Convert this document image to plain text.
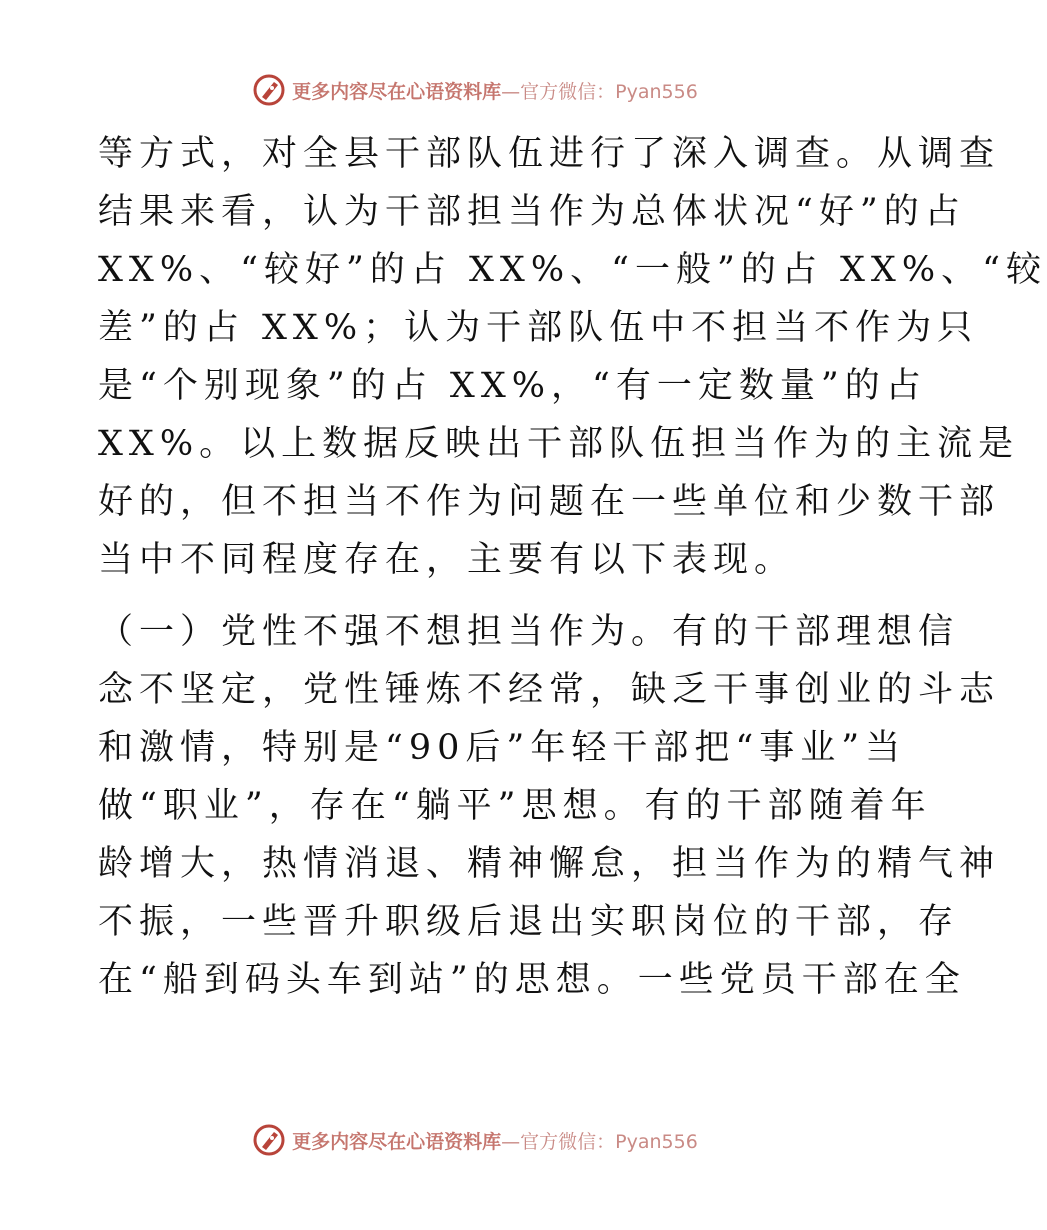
更多内容尽在心语资料库—官方微信：Pyan556
等方式，对全县干部队伍进行了深入调查。从调查
结果来看，认为干部担当作为总体状况“好”的占
XX%、“较好”的占 XX%、“一般”的占 XX%、“较
差”的占 XX%；认为干部队伍中不担当不作为只
是“个别现象”的占 XX%，“有一定数量”的占
XX%。以上数据反映出干部队伍担当作为的主流是
好的，但不担当不作为问题在一些单位和少数干部
当中不同程度存在，主要有以下表现。
（一）党性不强不想担当作为。有的干部理想信
念不坚定，党性锤炼不经常，缺乏干事创业的斗志
和激情，特别是“90后”年轻干部把“事业”当
做“职业”，存在“躺平”思想。有的干部随着年
龄增大，热情消退、精神懈怠，担当作为的精气神
不振，一些晋升职级后退出实职岗位的干部，存
在“船到码头车到站”的思想。一些党员干部在全
更多内容尽在心语资料库—官方微信：Pyan556
